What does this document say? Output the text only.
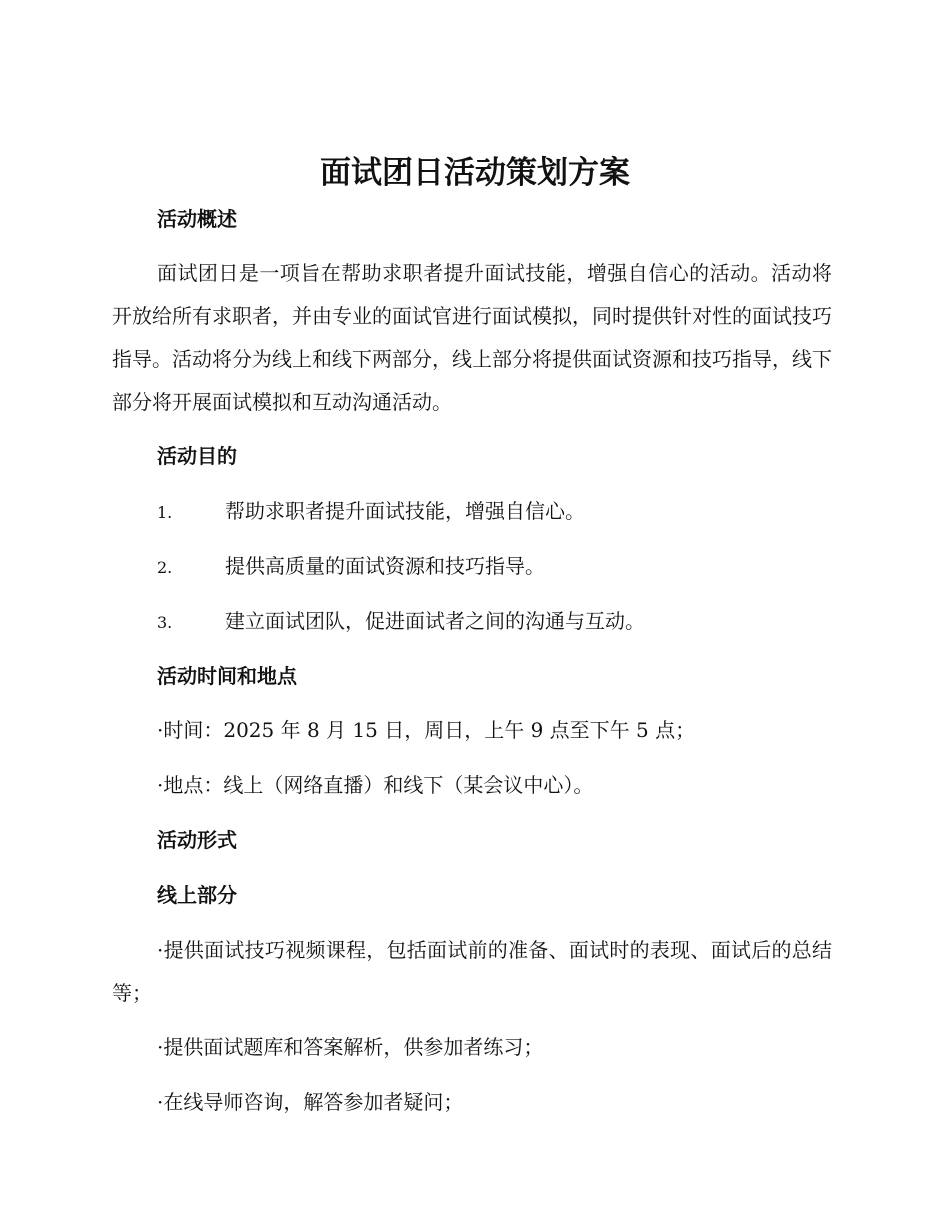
面试团日活动策划方案
活动概述

面试团日是一项旨在帮助求职者提升面试技能，增强自信心的活动。活动将开放给所有求职者，并由专业的面试官进行面试模拟，同时提供针对性的面试技巧指导。活动将分为线上和线下两部分，线上部分将提供面试资源和技巧指导，线下部分将开展面试模拟和互动沟通活动。

活动目的
1.	帮助求职者提升面试技能，增强自信心。
2.	提供高质量的面试资源和技巧指导。
3.	建立面试团队，促进面试者之间的沟通与互动。
活动时间和地点
·时间：2025 年 8 月 15 日，周日，上午 9 点至下午 5 点；
·地点：线上（网络直播）和线下（某会议中心）。
活动形式
线上部分

·提供面试技巧视频课程，包括面试前的准备、面试时的表现、面试后的总结等；

·提供面试题库和答案解析，供参加者练习；
·在线导师咨询，解答参加者疑问；
